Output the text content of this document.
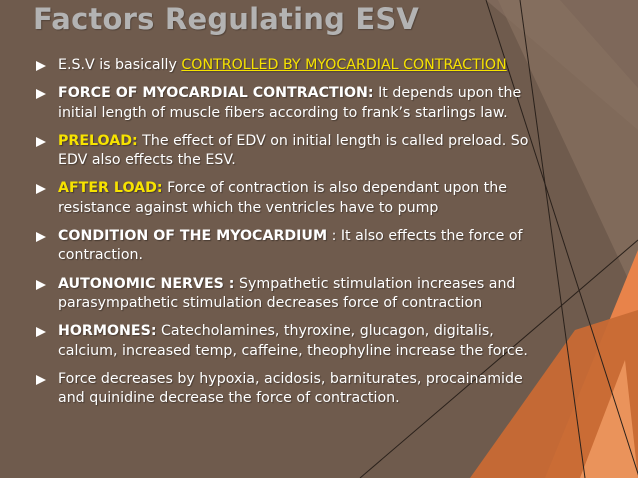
Factors Regulating ESV
E.S.V is basically CONTROLLED BY MYOCARDIAL CONTRACTION
FORCE OF MYOCARDIAL CONTRACTION: It depends upon the initial length of muscle fibers according to frank’s starlings law.
PRELOAD: The effect of EDV on initial length is called preload. So EDV also effects the ESV.
AFTER LOAD: Force of contraction is also dependant upon the resistance against which the ventricles have to pump
CONDITION OF THE MYOCARDIUM : It also effects the force of contraction.
AUTONOMIC NERVES : Sympathetic stimulation increases and parasympathetic stimulation decreases force of contraction
HORMONES: Catecholamines, thyroxine, glucagon, digitalis, calcium, increased temp, caffeine, theophyline increase the force.
Force decreases by hypoxia, acidosis, barniturates, procainamide and quinidine decrease the force of contraction.
